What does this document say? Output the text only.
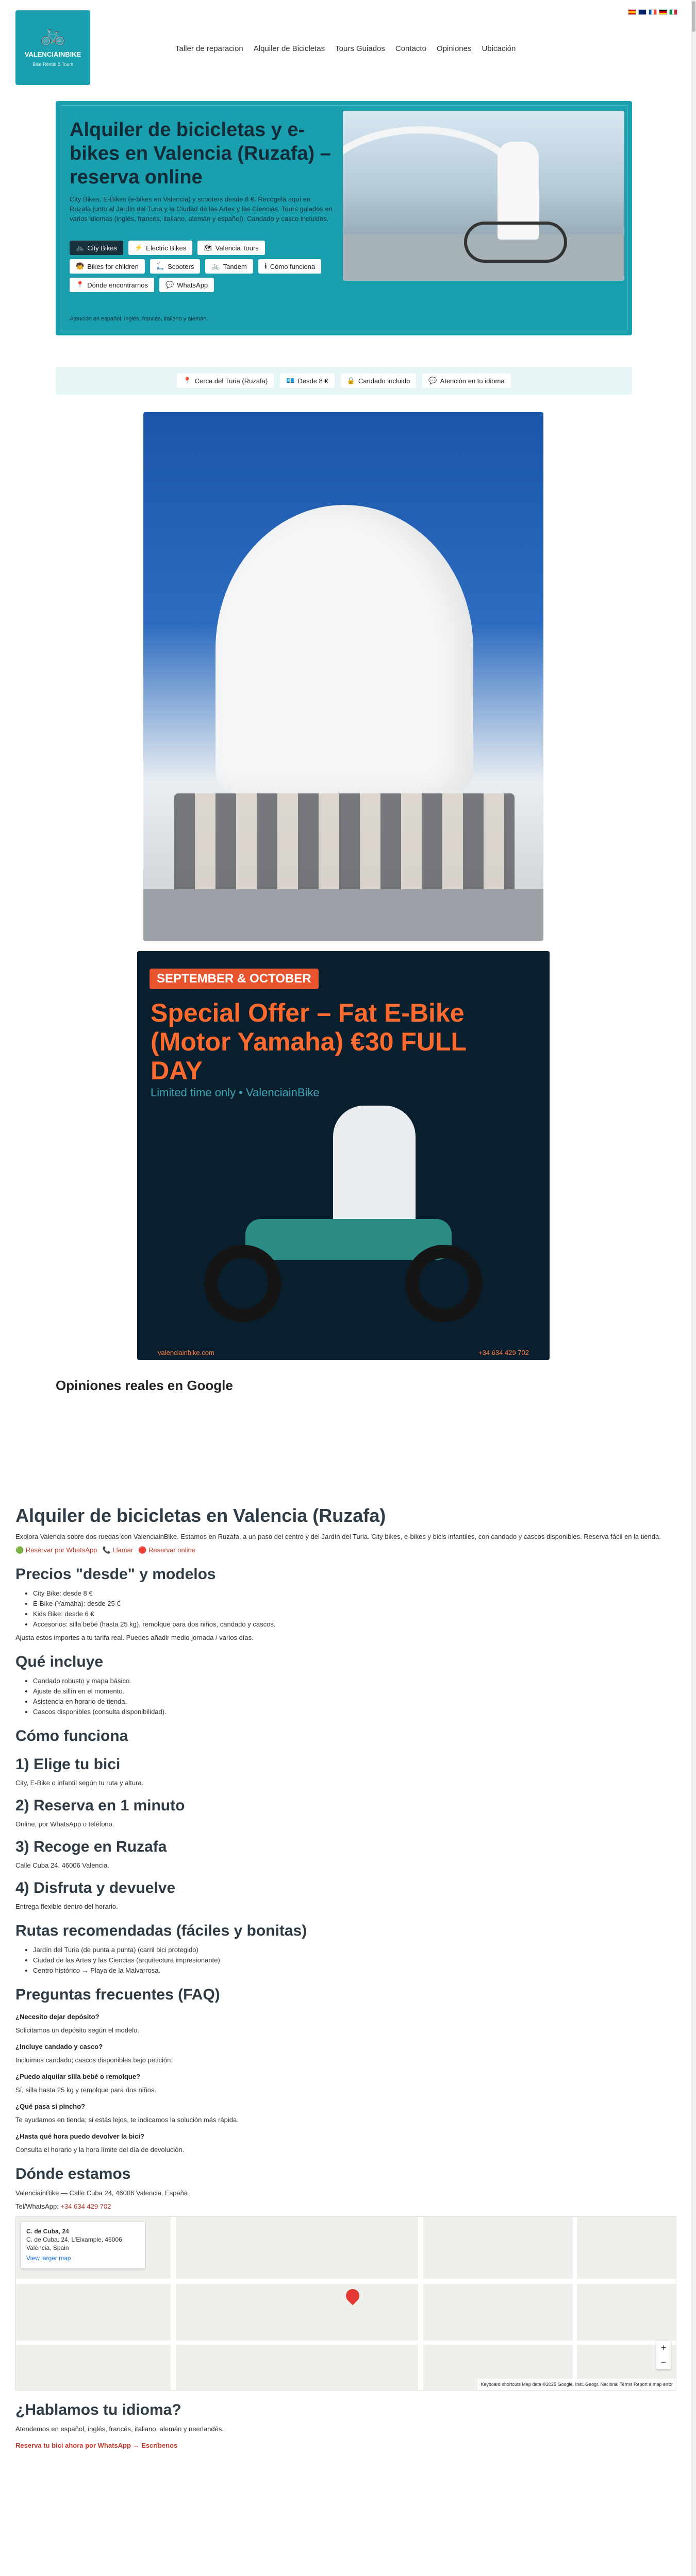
🚲
VALENCIAINBIKE
Bike Rental & Tours
Taller de reparacion Alquiler de Bicicletas Tours Guiados Contacto Opiniones Ubicación
Alquiler de bicicletas y e-bikes en Valencia (Ruzafa) – reserva online
City Bikes, E-Bikes (e-bikes en Valencia) y scooters desde 8 €. Recógela aquí en Ruzafa junto al Jardín del Turia y la Ciudad de las Artes y las Ciencias. Tours guiados en varios idiomas (inglés, francés, italiano, alemán y español). Candado y casco incluidos.
🚲 City Bikes	⚡ Electric Bikes	🗺 Valencia Tours
🧒 Bikes for children	🛴 Scooters	🚲 Tandem	ℹ Cómo funciona
📍 Dónde encontrarnos	💬 WhatsApp
Atención en español, inglés, francés, italiano y alemán.
📍 Cerca del Turia (Ruzafa)	💶 Desde 8 €	🔒 Candado incluido	💬 Atención en tu idioma
SEPTEMBER & OCTOBER
Special Offer – Fat E-Bike (Motor Yamaha) €30 FULL DAY
Limited time only • ValenciainBike
valenciainbike.com	+34 634 429 702
Opiniones reales en Google
Alquiler de bicicletas en Valencia (Ruzafa)

Explora Valencia sobre dos ruedas con ValenciainBike. Estamos en Ruzafa, a un paso del centro y del Jardín del Turia. City bikes, e-bikes y bicis infantiles, con candado y cascos disponibles. Reserva fácil en la tienda.

🟢 Reservar por WhatsApp 📞 Llamar 🔴 Reservar online
Precios "desde" y modelos
• City Bike: desde 8 €
• E-Bike (Yamaha): desde 25 €
• Kids Bike: desde 6 €
• Accesorios: silla bebé (hasta 25 kg), remolque para dos niños, candado y cascos.

Ajusta estos importes a tu tarifa real. Puedes añadir medio jornada / varios días.

Qué incluye
• Candado robusto y mapa básico.
• Ajuste de sillín en el momento.
• Asistencia en horario de tienda.
• Cascos disponibles (consulta disponibilidad).
Cómo funciona
1) Elige tu bici

City, E-Bike o infantil según tu ruta y altura.

2) Reserva en 1 minuto

Online, por WhatsApp o teléfono.

3) Recoge en Ruzafa

Calle Cuba 24, 46006 Valencia.

4) Disfruta y devuelve

Entrega flexible dentro del horario.

Rutas recomendadas (fáciles y bonitas)
• Jardín del Turia (de punta a punta) (carril bici protegido)
• Ciudad de las Artes y las Ciencias (arquitectura impresionante)
• Centro histórico → Playa de la Malvarrosa.
Preguntas frecuentes (FAQ)

¿Necesito dejar depósito?

Solicitamos un depósito según el modelo.

¿Incluye candado y casco?

Incluimos candado; cascos disponibles bajo petición.

¿Puedo alquilar silla bebé o remolque?

Sí, silla hasta 25 kg y remolque para dos niños.

¿Qué pasa si pincho?

Te ayudamos en tienda; si estás lejos, te indicamos la solución más rápida.

¿Hasta qué hora puedo devolver la bici?

Consulta el horario y la hora límite del día de devolución.

Dónde estamos

ValenciainBike — Calle Cuba 24, 46006 Valencia, España

Tel/WhatsApp: +34 634 429 702

C. de Cuba, 24
C. de Cuba, 24, L'Eixample, 46006 València, Spain
View larger map
+
−
Keyboard shortcuts Map data ©2025 Google, Inst. Geogr. Nacional Terms Report a map error
¿Hablamos tu idioma?

Atendemos en español, inglés, francés, italiano, alemán y neerlandés.

Reserva tu bici ahora por WhatsApp → Escríbenos
